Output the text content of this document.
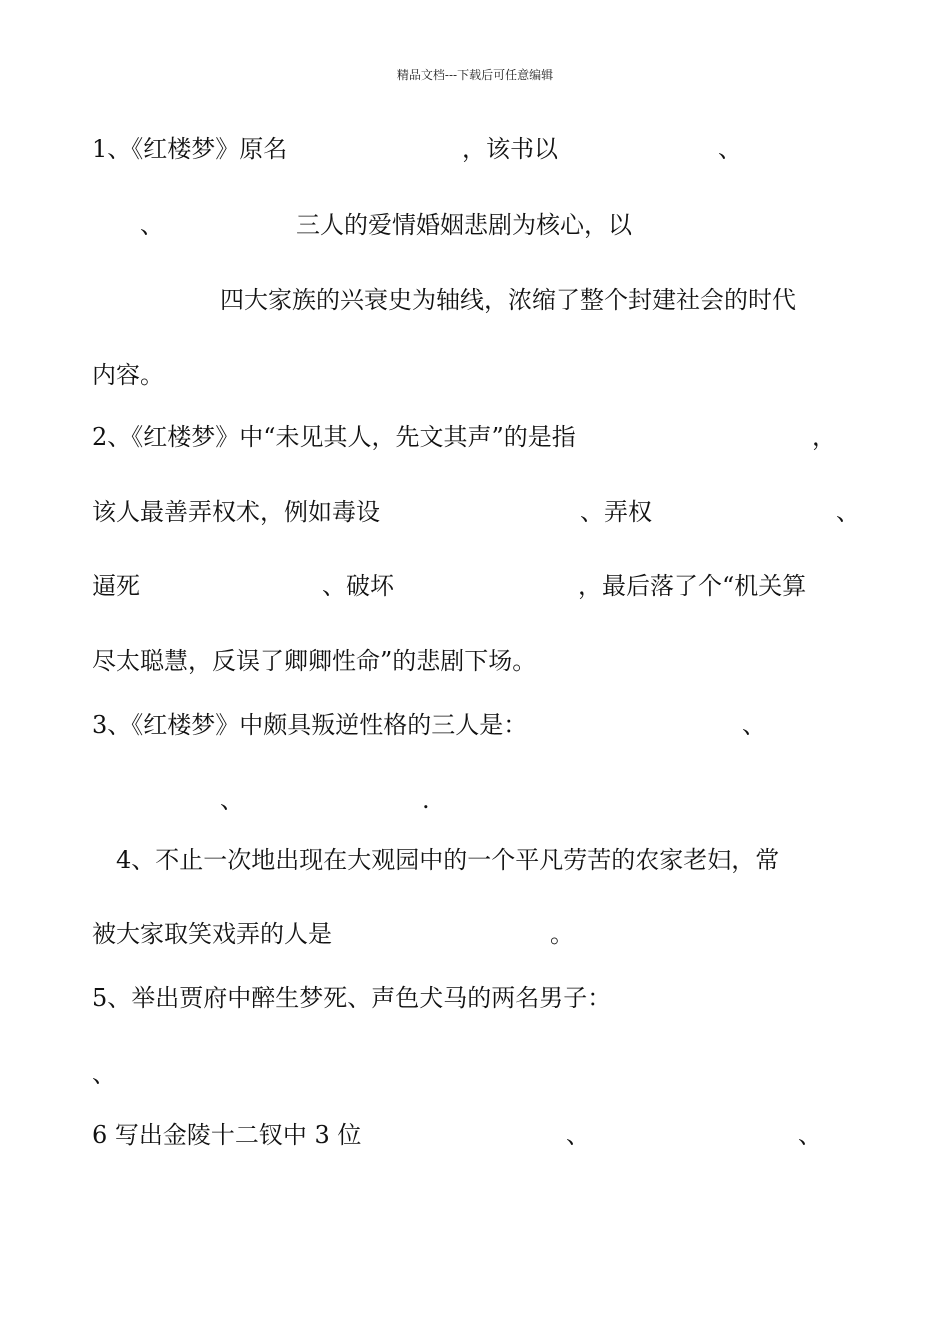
精品文档---下载后可任意编辑
1、《红楼梦》原名	，该书以	、
、	三人的爱情婚姻悲剧为核心，以
四大家族的兴衰史为轴线，浓缩了整个封建社会的时代
内容。
2、《红楼梦》中“未见其人，先文其声”的是指	，
该人最善弄权术，例如毒设	、弄权	、
逼死	、破坏	，最后落了个“机关算
尽太聪慧，反误了卿卿性命”的悲剧下场。
3、《红楼梦》中颇具叛逆性格的三人是：	、
、	.
4、不止一次地出现在大观园中的一个平凡劳苦的农家老妇，常
被大家取笑戏弄的人是	。
5、举出贾府中醉生梦死、声色犬马的两名男子：
、
6 写出金陵十二钗中 3 位	、	、
